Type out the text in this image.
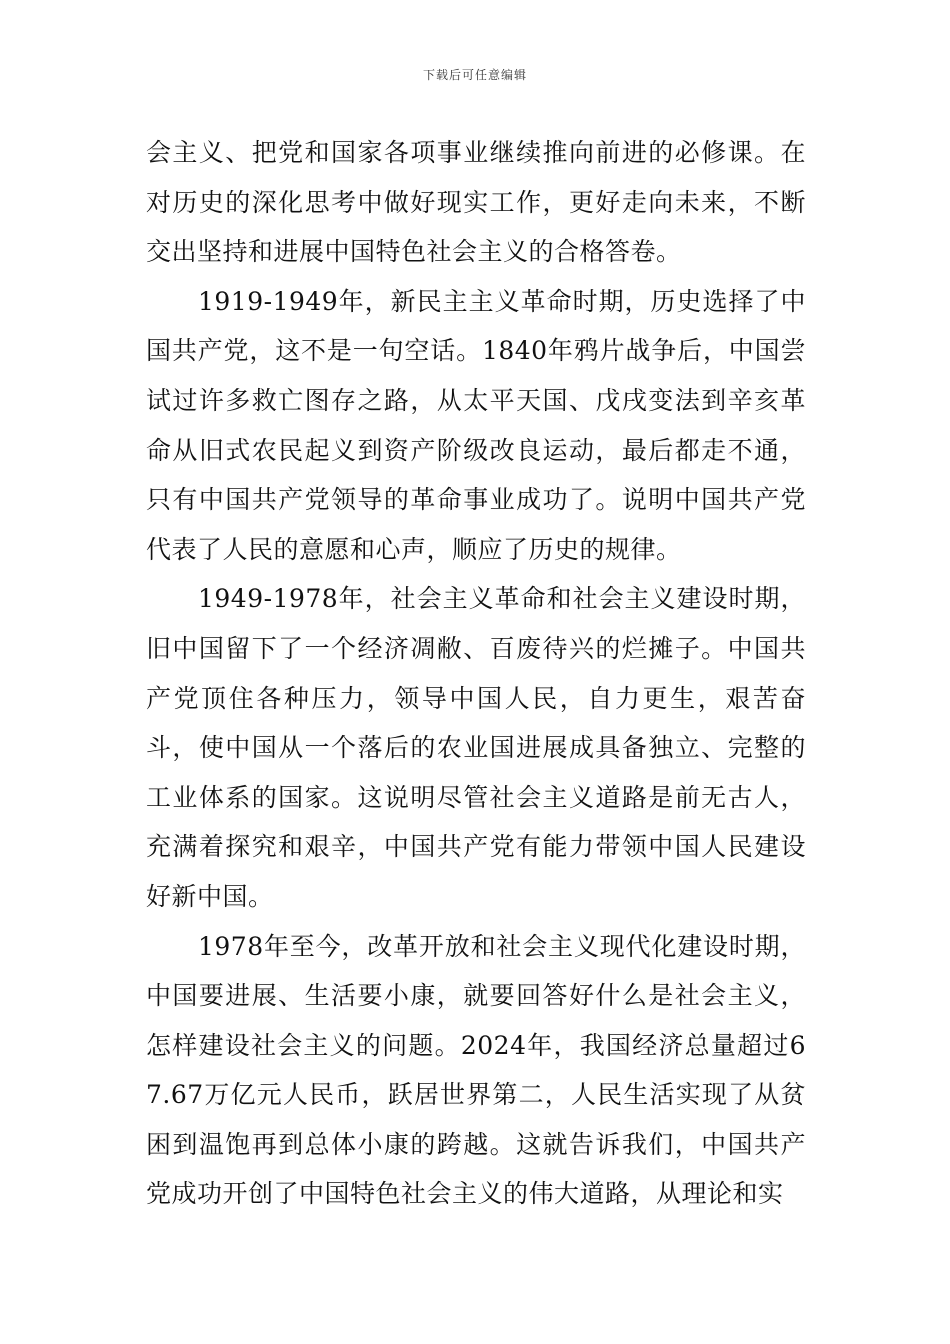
下载后可任意编辑

会主义、把党和国家各项事业继续推向前进的必修课。在对历史的深化思考中做好现实工作，更好走向未来，不断交出坚持和进展中国特色社会主义的合格答卷。

1919-1949年，新民主主义革命时期，历史选择了中国共产党，这不是一句空话。1840年鸦片战争后，中国尝试过许多救亡图存之路，从太平天国、戊戌变法到辛亥革命从旧式农民起义到资产阶级改良运动，最后都走不通，只有中国共产党领导的革命事业成功了。说明中国共产党代表了人民的意愿和心声，顺应了历史的规律。

1949-1978年，社会主义革命和社会主义建设时期，旧中国留下了一个经济凋敝、百废待兴的烂摊子。中国共产党顶住各种压力，领导中国人民，自力更生，艰苦奋斗，使中国从一个落后的农业国进展成具备独立、完整的工业体系的国家。这说明尽管社会主义道路是前无古人，充满着探究和艰辛，中国共产党有能力带领中国人民建设好新中国。

1978年至今，改革开放和社会主义现代化建设时期，中国要进展、生活要小康，就要回答好什么是社会主义，怎样建设社会主义的问题。2024年，我国经济总量超过67.67万亿元人民币，跃居世界第二，人民生活实现了从贫困到温饱再到总体小康的跨越。这就告诉我们，中国共产党成功开创了中国特色社会主义的伟大道路，从理论和实
